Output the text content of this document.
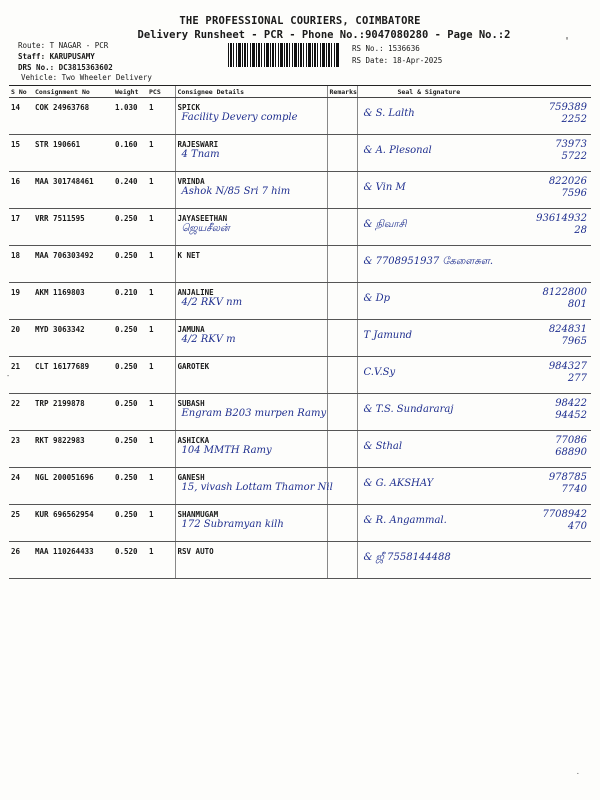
THE PROFESSIONAL COURIERS, COIMBATORE
Delivery Runsheet - PCR - Phone No.:9047080280 - Page No.:2
'
Route: T NAGAR - PCR
Staff: KARUPUSAMY
DRS No.: DC3815363602
Vehicle: Two Wheeler Delivery
RS No.: 1536636
RS Date: 18-Apr-2025
S No	Consignment No	Weight	PCS	Consignee Details	Remarks	Seal & Signature
14	COK 24963768	1.030	1	SPICK
Facility Devery comple		& S. Lalth
759389
2252

15	STR 190661	0.160	1	RAJESWARI
4 Tnam		& A. Plesonal
73973
5722

16	MAA 301748461	0.240	1	VRINDA
Ashok N/85 Sri 7 him		& Vin M
822026
7596

17	VRR 7511595	0.250	1	JAYASEETHAN
ஜெயசீலன்		& நிவாசி
93614932
28

18	MAA 706303492	0.250	1	K NET		& 7708951937 கேளைசுள.

19	AKM 1169803	0.210	1	ANJALINE
4/2 RKV nm		& Dp
8122800
801

20	MYD 3063342	0.250	1	JAMUNA
4/2 RKV m		T Jamund
824831
7965

21	CLT 16177689	0.250	1	GAROTEK		C.V.Sy
984327
277

22	TRP 2199878	0.250	1	SUBASH
Engram B203 murpen Ramy		& T.S. Sundararaj
98422
94452

23	RKT 9822983	0.250	1	ASHICKA
104 MMTH Ramy		& Sthal
77086
68890

24	NGL 200051696	0.250	1	GANESH
15, vivash Lottam Thamor Nil		& G. AKSHAY
978785
7740

25	KUR 696562954	0.250	1	SHANMUGAM
172 Subramyan kilh		& R. Angammal.
7708942
470

26	MAA 110264433	0.520	1	RSV AUTO		& ஜீ 7558144488
-
.
